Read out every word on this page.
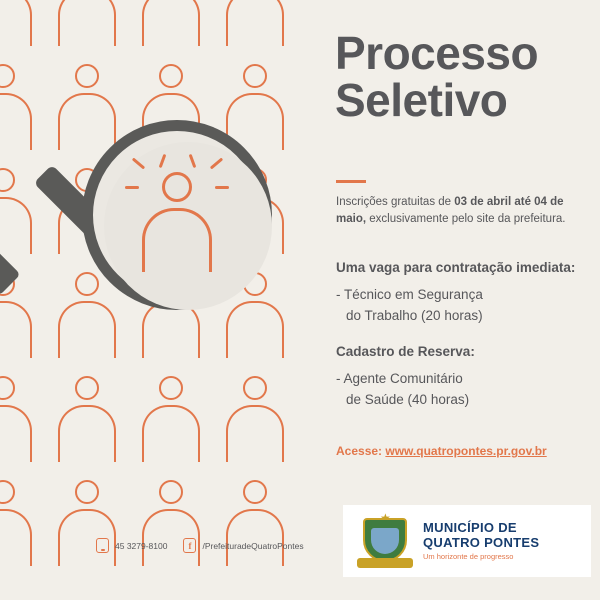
Processo
Seletivo
Inscrições gratuitas de 03 de abril até 04 de maio, exclusivamente pelo site da prefeitura.
Uma vaga para contratação imediata:
- Técnico em Segurança
do Trabalho (20 horas)
Cadastro de Reserva:
- Agente Comunitário
de Saúde (40 horas)
Acesse: www.quatropontes.pr.gov.br
MUNICÍPIO DE
QUATRO PONTES
Um horizonte de progresso
45 3279-8100	f	/PrefeituradeQuatroPontes
